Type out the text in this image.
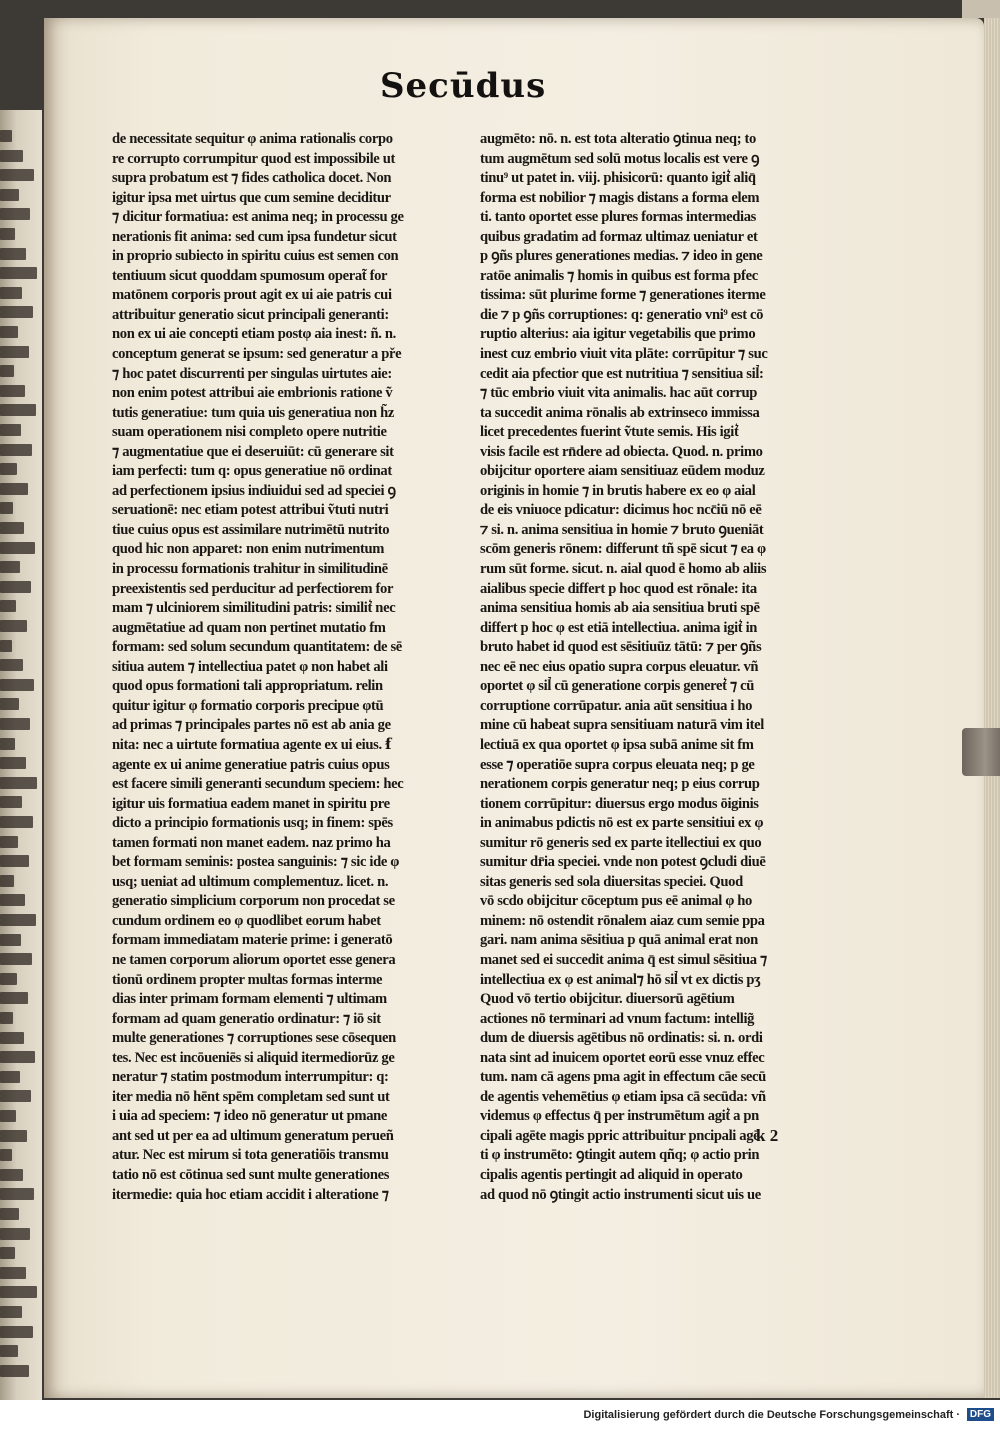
Secūdus
de necessitate sequitur φ anima rationalis corpo
re corrupto corrumpitur quod est impossibile ut
supra probatum est ⁊ fides catholica docet. Non
igitur ipsa met uirtus que cum semine deciditur
⁊ dicitur formatiua: est anima neq; in processu ge
nerationis fit anima: sed cum ipsa fundetur sicut
in proprio subiecto in spiritu cuius est semen con
tentiuum sicut quoddam spumosum operat͂ for
matōnem corporis prout agit ex ui aie patris cui
attribuitur generatio sicut principali generanti:
non ex ui aie concepti etiam postφ aia inest: ñ. n.
conceptum generat se ipsum: sed generatur a pře
⁊ hoc patet discurrenti per singulas uirtutes aie:
non enim potest attribui aie embrionis ratione ṽ
tutis generatiue: tum quia uis generatiua non h̃z
suam operationem nisi completo opere nutritie
⁊ augmentatiue que ei deseruiūt: cū generare sit
iam perfecti: tum q: opus generatiue nō ordinat
ad perfectionem ipsius indiuidui sed ad speciei ꝯ
seruationē: nec etiam potest attribui ṽtuti nutri
tiue cuius opus est assimilare nutrimētū nutrito
quod hic non apparet: non enim nutrimentum
in processu formationis trahitur in similitudinē
preexistentis sed perducitur ad perfectiorem for
mam ⁊ ulciniorem similitudini patris: similit͛ nec
augmētatiue ad quam non pertinet mutatio fm
formam: sed solum secundum quantitatem: de sē
sitiua autem ⁊ intellectiua patet φ non habet ali
quod opus formationi tali appropriatum. relin
quitur igitur φ formatio corporis precipue φtū
ad primas ⁊ principales partes nō est ab ania ge
nita: nec a uirtute formatiua agente ex ui eius. ẜ
agente ex ui anime generatiue patris cuius opus
est facere simili generanti secundum speciem: hec
igitur uis formatiua eadem manet in spiritu pre
dicto a principio formationis usq; in finem: spēs
tamen formati non manet eadem. naz primo ha
bet formam seminis: postea sanguinis: ⁊ sic ide φ
usq; ueniat ad ultimum complementuz. licet. n.
generatio simplicium corporum non procedat se
cundum ordinem eo φ quodlibet eorum habet
formam immediatam materie prime: i generatō
ne tamen corporum aliorum oportet esse genera
tionū ordinem propter multas formas interme
dias inter primam formam elementi ⁊ ultimam
formam ad quam generatio ordinatur: ⁊ iō sit
multe generationes ⁊ corruptiones sese cōsequen
tes. Nec est incōueniēs si aliquid itermediorūz ge
neratur ⁊ statim postmodum interrumpitur: q:
iter media nō hēnt spēm completam sed sunt ut
i uia ad speciem: ⁊ ideo nō generatur ut pmane
ant sed ut per ea ad ultimum generatum perueñ
atur. Nec est mirum si tota generatiōis transmu
tatio nō est cōtinua sed sunt multe generationes
itermedie: quia hoc etiam accidit i alteratione ⁊
augmēto: nō. n. est tota alteratio ꝯtinua neq; to
tum augmētum sed solū motus localis est vere ꝯ
tinu⁹ ut patet in. viij. phisicorū: quanto igit͛ aliq̄
forma est nobilior ⁊ magis distans a forma elem
ti. tanto oportet esse plures formas intermedias
quibus gradatim ad formaz ultimaz ueniatur et
p ꝯñs plures generationes medias. ⁊ ideo in gene
ratōe animalis ⁊ homis in quibus est forma pfec
tissima: sūt plurime forme ⁊ generationes iterme
die ⁊ p ꝯñs corruptiones: q: generatio vni⁹ est cō
ruptio alterius: aia igitur vegetabilis que primo
inest cuz embrio viuit vita plāte: corrūpitur ⁊ suc
cedit aia pfectior que est nutritiua ⁊ sensitiua sil͛:
⁊ tūc embrio viuit vita animalis. hac aūt corrup
ta succedit anima rōnalis ab extrinseco immissa
licet precedentes fuerint ṽtute semis. His igit͛
visis facile est rn̄dere ad obiecta. Quod. n. primo
obijcitur oportere aiam sensitiuaz eūdem moduz
originis in homie ⁊ in brutis habere ex eo φ aial
de eis vniuoce pdicatur: dicimus hoc ncc̄iū nō eē
⁊ si. n. anima sensitiua in homie ⁊ bruto ꝯueniāt
scōm generis rōnem: differunt tñ spē sicut ⁊ ea φ
rum sūt forme. sicut. n. aial quod ē homo ab aliis
aialibus specie differt p hoc quod est rōnale: ita
anima sensitiua homis ab aia sensitiua bruti spē
differt p hoc φ est etiā intellectiua. anima igit͛ in
bruto habet id quod est sēsitiuūz tātū: ⁊ per ꝯñs
nec eē nec eius opatio supra corpus eleuatur. vñ
oportet φ sil͛ cū generatione corpis generet͛ ⁊ cū
corruptione corrūpatur. ania aūt sensitiua i ho
mine cū habeat supra sensitiuam naturā vim itel
lectiuā ex qua oportet φ ipsa subā anime sit fm
esse ⁊ operatiōe supra corpus eleuata neq; p ge
nerationem corpis generatur neq; p eius corrup
tionem corrūpitur: diuersus ergo modus ōiginis
in animabus pdictis nō est ex parte sensitiui ex φ
sumitur rō generis sed ex parte itellectiui ex quo
sumitur dr̄ia speciei. vnde non potest ꝯcludi diuē
sitas generis sed sola diuersitas speciei. Quod
vō scdo obijcitur cōceptum pus eē animal φ ho
minem: nō ostendit rōnalem aiaz cum semie ppa
gari. nam anima sēsitiua p quā animal erat non
manet sed ei succedit anima q̄ est simul sēsitiua ⁊
intellectiua ex φ est animal⁊ hō sil͛ vt ex dictis pʒ
Quod vō tertio obijcitur. diuersorū agētium
actiones nō terminari ad vnum factum: intellig̃
dum de diuersis agētibus nō ordinatis: si. n. ordi
nata sint ad inuicem oportet eorū esse vnuz effec
tum. nam cā agens pma agit in effectum cāe secū
de agentis vehemētius φ etiam ipsa cā secūda: vñ
videmus φ effectus q̄ per instrumētum agit͛ a pn
cipali agēte magis ppric attribuitur pncipali agē
ti φ instrumēto: ꝯtingit autem qñq; φ actio prin
cipalis agentis pertingit ad aliquid in operato
ad quod nō ꝯtingit actio instrumenti sicut uis ue
k 2
Digitalisierung gefördert durch die Deutsche Forschungsgemeinschaft · DFG
